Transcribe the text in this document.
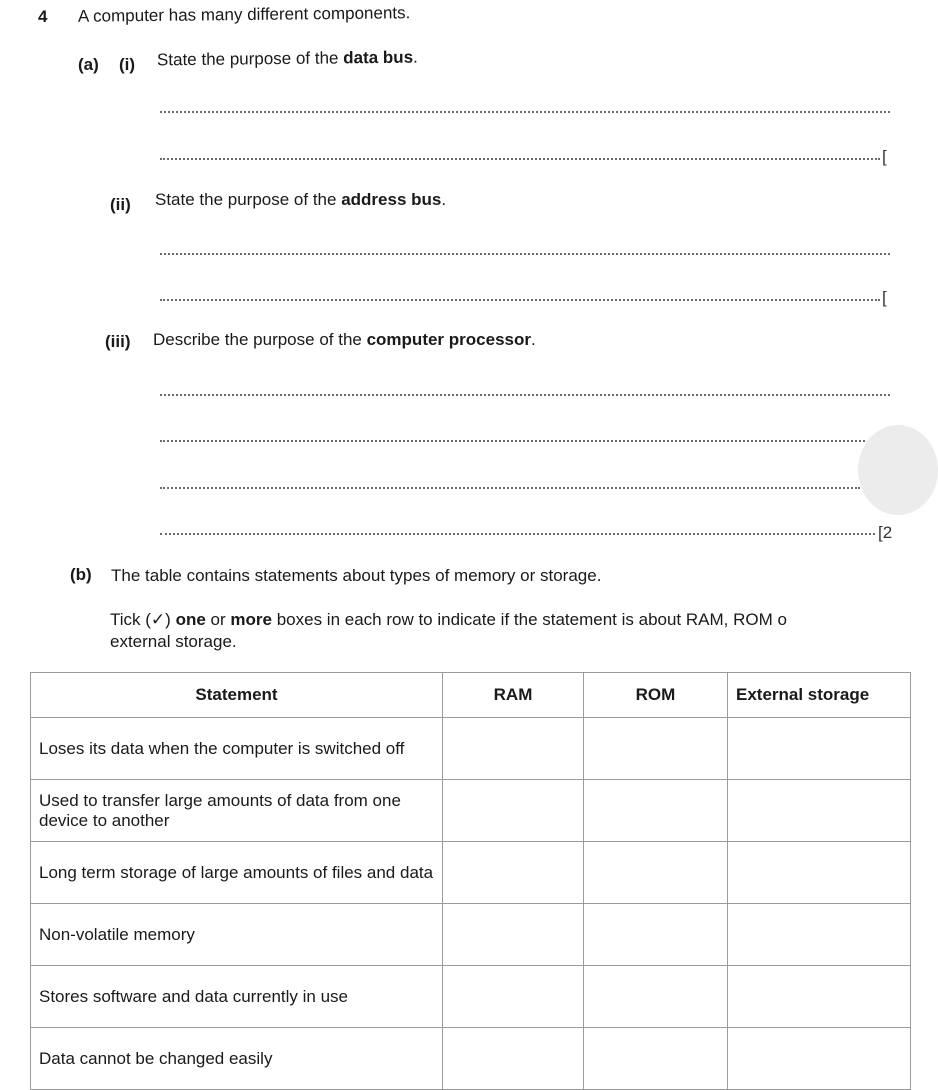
4 A computer has many different components.
(a) (i) State the purpose of the data bus.
[
(ii) State the purpose of the address bus.
[
(iii) Describe the purpose of the computer processor.
[2
(b) The table contains statements about types of memory or storage.
Tick (✓) one or more boxes in each row to indicate if the statement is about RAM, ROM o
external storage.
Statement	RAM	ROM	External storage
Loses its data when the computer is switched off			
Used to transfer large amounts of data from one device to another			
Long term storage of large amounts of files and data			
Non-volatile memory			
Stores software and data currently in use			
Data cannot be changed easily			
